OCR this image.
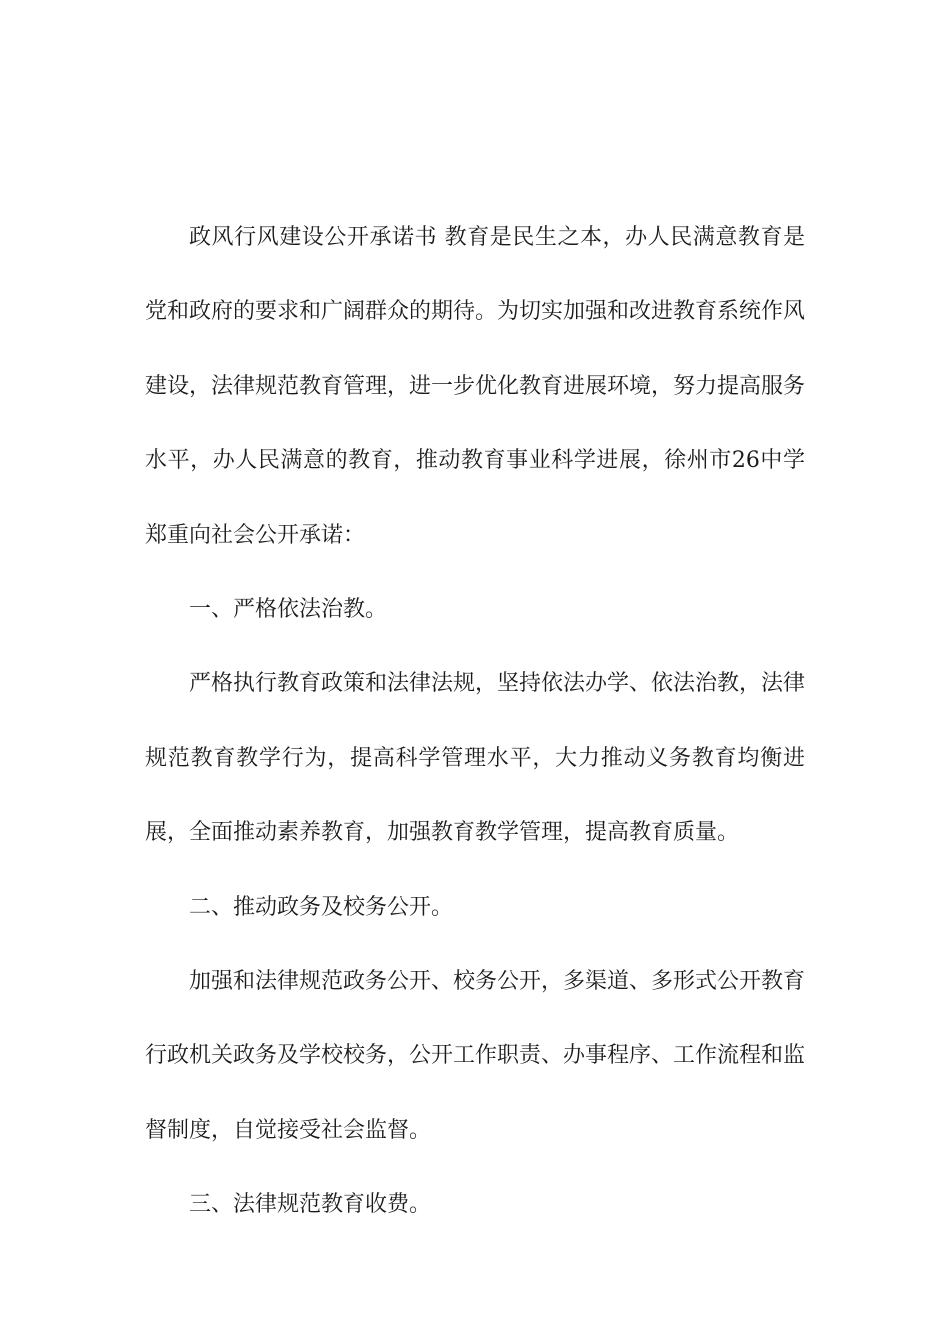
政风行风建设公开承诺书 教育是民生之本，办人民满意教育是党和政府的要求和广阔群众的期待。为切实加强和改进教育系统作风建设，法律规范教育管理，进一步优化教育进展环境，努力提高服务水平，办人民满意的教育，推动教育事业科学进展，徐州市26中学郑重向社会公开承诺：

一、严格依法治教。

严格执行教育政策和法律法规，坚持依法办学、依法治教，法律规范教育教学行为，提高科学管理水平，大力推动义务教育均衡进展，全面推动素养教育，加强教育教学管理，提高教育质量。

二、推动政务及校务公开。

加强和法律规范政务公开、校务公开，多渠道、多形式公开教育行政机关政务及学校校务，公开工作职责、办事程序、工作流程和监督制度，自觉接受社会监督。

三、法律规范教育收费。
